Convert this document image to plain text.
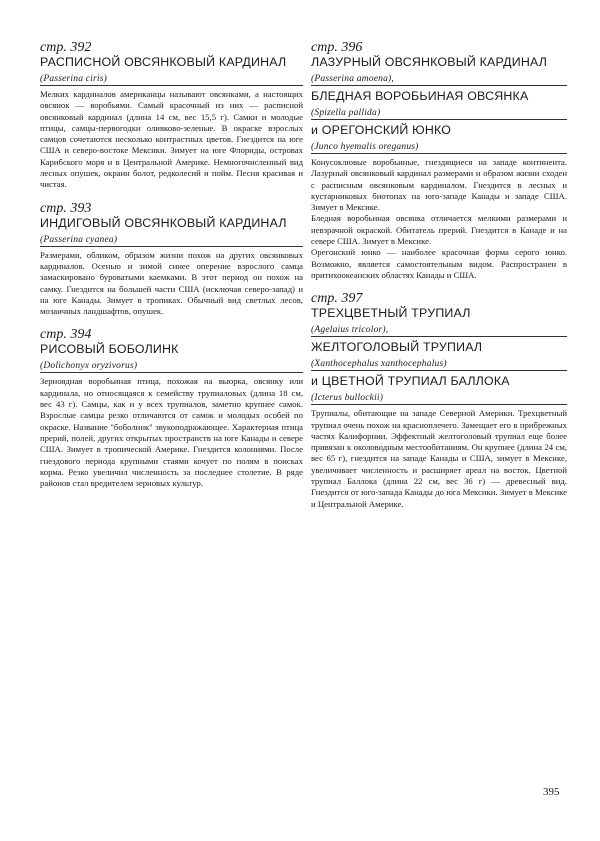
стр. 392

РАСПИСНОЙ ОВСЯНКОВЫЙ КАРДИНАЛ

(Passerina ciris)

Мелких кардиналов американцы называют овсянками, а настоящих овсянок — воробьями. Самый красочный из них — расписной овсянковый кардинал (длина 14 см, вес 15,5 г). Самки и молодые птицы, самцы-первогодки оливково-зеленые. В окраске взрослых самцов сочетаются несколько контрастных цветов. Гнездится на юге США и северо-востоке Мексики. Зимует на юге Флориды, островах Карибского моря и в Центральной Америке. Немногочисленный вид лесных опушек, окраин болот, редколесий и пойм. Песня красивая и чистая.

стр. 393

ИНДИГОВЫЙ ОВСЯНКОВЫЙ КАРДИНАЛ

(Passerina cyanea)

Размерами, обликом, образом жизни похож на других овсянковых кардиналов. Осенью и зимой синее оперение взрослого самца замаскировано буроватыми каемками. В этот период он похож на самку. Гнездится на большей части США (исключая северо-запад) и на юге Канады. Зимует в тропиках. Обычный вид светлых лесов, мозаичных ландшафтов, опушек.

стр. 394

РИСОВЫЙ БОБОЛИНК

(Dolichonyx oryzivorus)

Зерноядная воробьиная птица, похожая на вьюрка, овсянку или кардинала, но относящаяся к семейству трупиаловых (длина 18 см, вес 43 г). Самцы, как и у всех трупиалов, заметно крупнее самок. Взрослые самцы резко отличаются от самок и молодых особей по окраске. Название "боболинк" звукоподражающее. Характерная птица прерий, полей, других открытых пространств на юге Канады и севере США. Зимует в тропической Америке. Гнездится колониями. После гнездового периода крупными стаями кочует по полям в поисках корма. Резко увеличил численность за последнее столетие. В ряде районов стал вредителем зерновых культур.

стр. 396

ЛАЗУРНЫЙ ОВСЯНКОВЫЙ КАРДИНАЛ

(Passerina amoena),

БЛЕДНАЯ ВОРОБЬИНАЯ ОВСЯНКА

(Spizella pallida)

и ОРЕГОНСКИЙ ЮНКО

(Junco hyemalis oreganus)

Конусоклювые воробьиные, гнездящиеся на западе континента. Лазурный овсянковый кардинал размерами и образом жизни сходен с расписным овсянковым кардиналом. Гнездится в лесных и кустарниковых биотопах на юго-западе Канады и западе США. Зимует в Мексике.

Бледная воробьиная овсянка отличается мелкими размерами и невзрачной окраской. Обитатель прерий. Гнездится в Канаде и на севере США. Зимует в Мексике.

Орегонский юнко — наиболее красочная форма серого юнко. Возможно, является самостоятельным видом. Распространен в притихоокеанских областях Канады и США.

стр. 397

ТРЕХЦВЕТНЫЙ ТРУПИАЛ

(Agelaius tricolor),

ЖЕЛТОГОЛОВЫЙ ТРУПИАЛ

(Xanthocephalus xanthocephalus)

и ЦВЕТНОЙ ТРУПИАЛ БАЛЛОКА

(Icterus bullockii)

Трупиалы, обитающие на западе Северной Америки. Трехцветный трупиал очень похож на красноплечего. Замещает его в прибрежных частях Калифорнии. Эффектный желтоголовый трупиал еще более привязан к околоводным местообитаниям. Он крупнее (длина 24 см, вес 65 г), гнездится на западе Канады и США, зимует в Мексике, увеличивает численность и расширяет ареал на восток. Цветной трупиал Баллока (длина 22 см, вес 36 г) — древесный вид. Гнездится от юго-запада Канады до юга Мексики. Зимует в Мексике и Центральной Америке.

395
